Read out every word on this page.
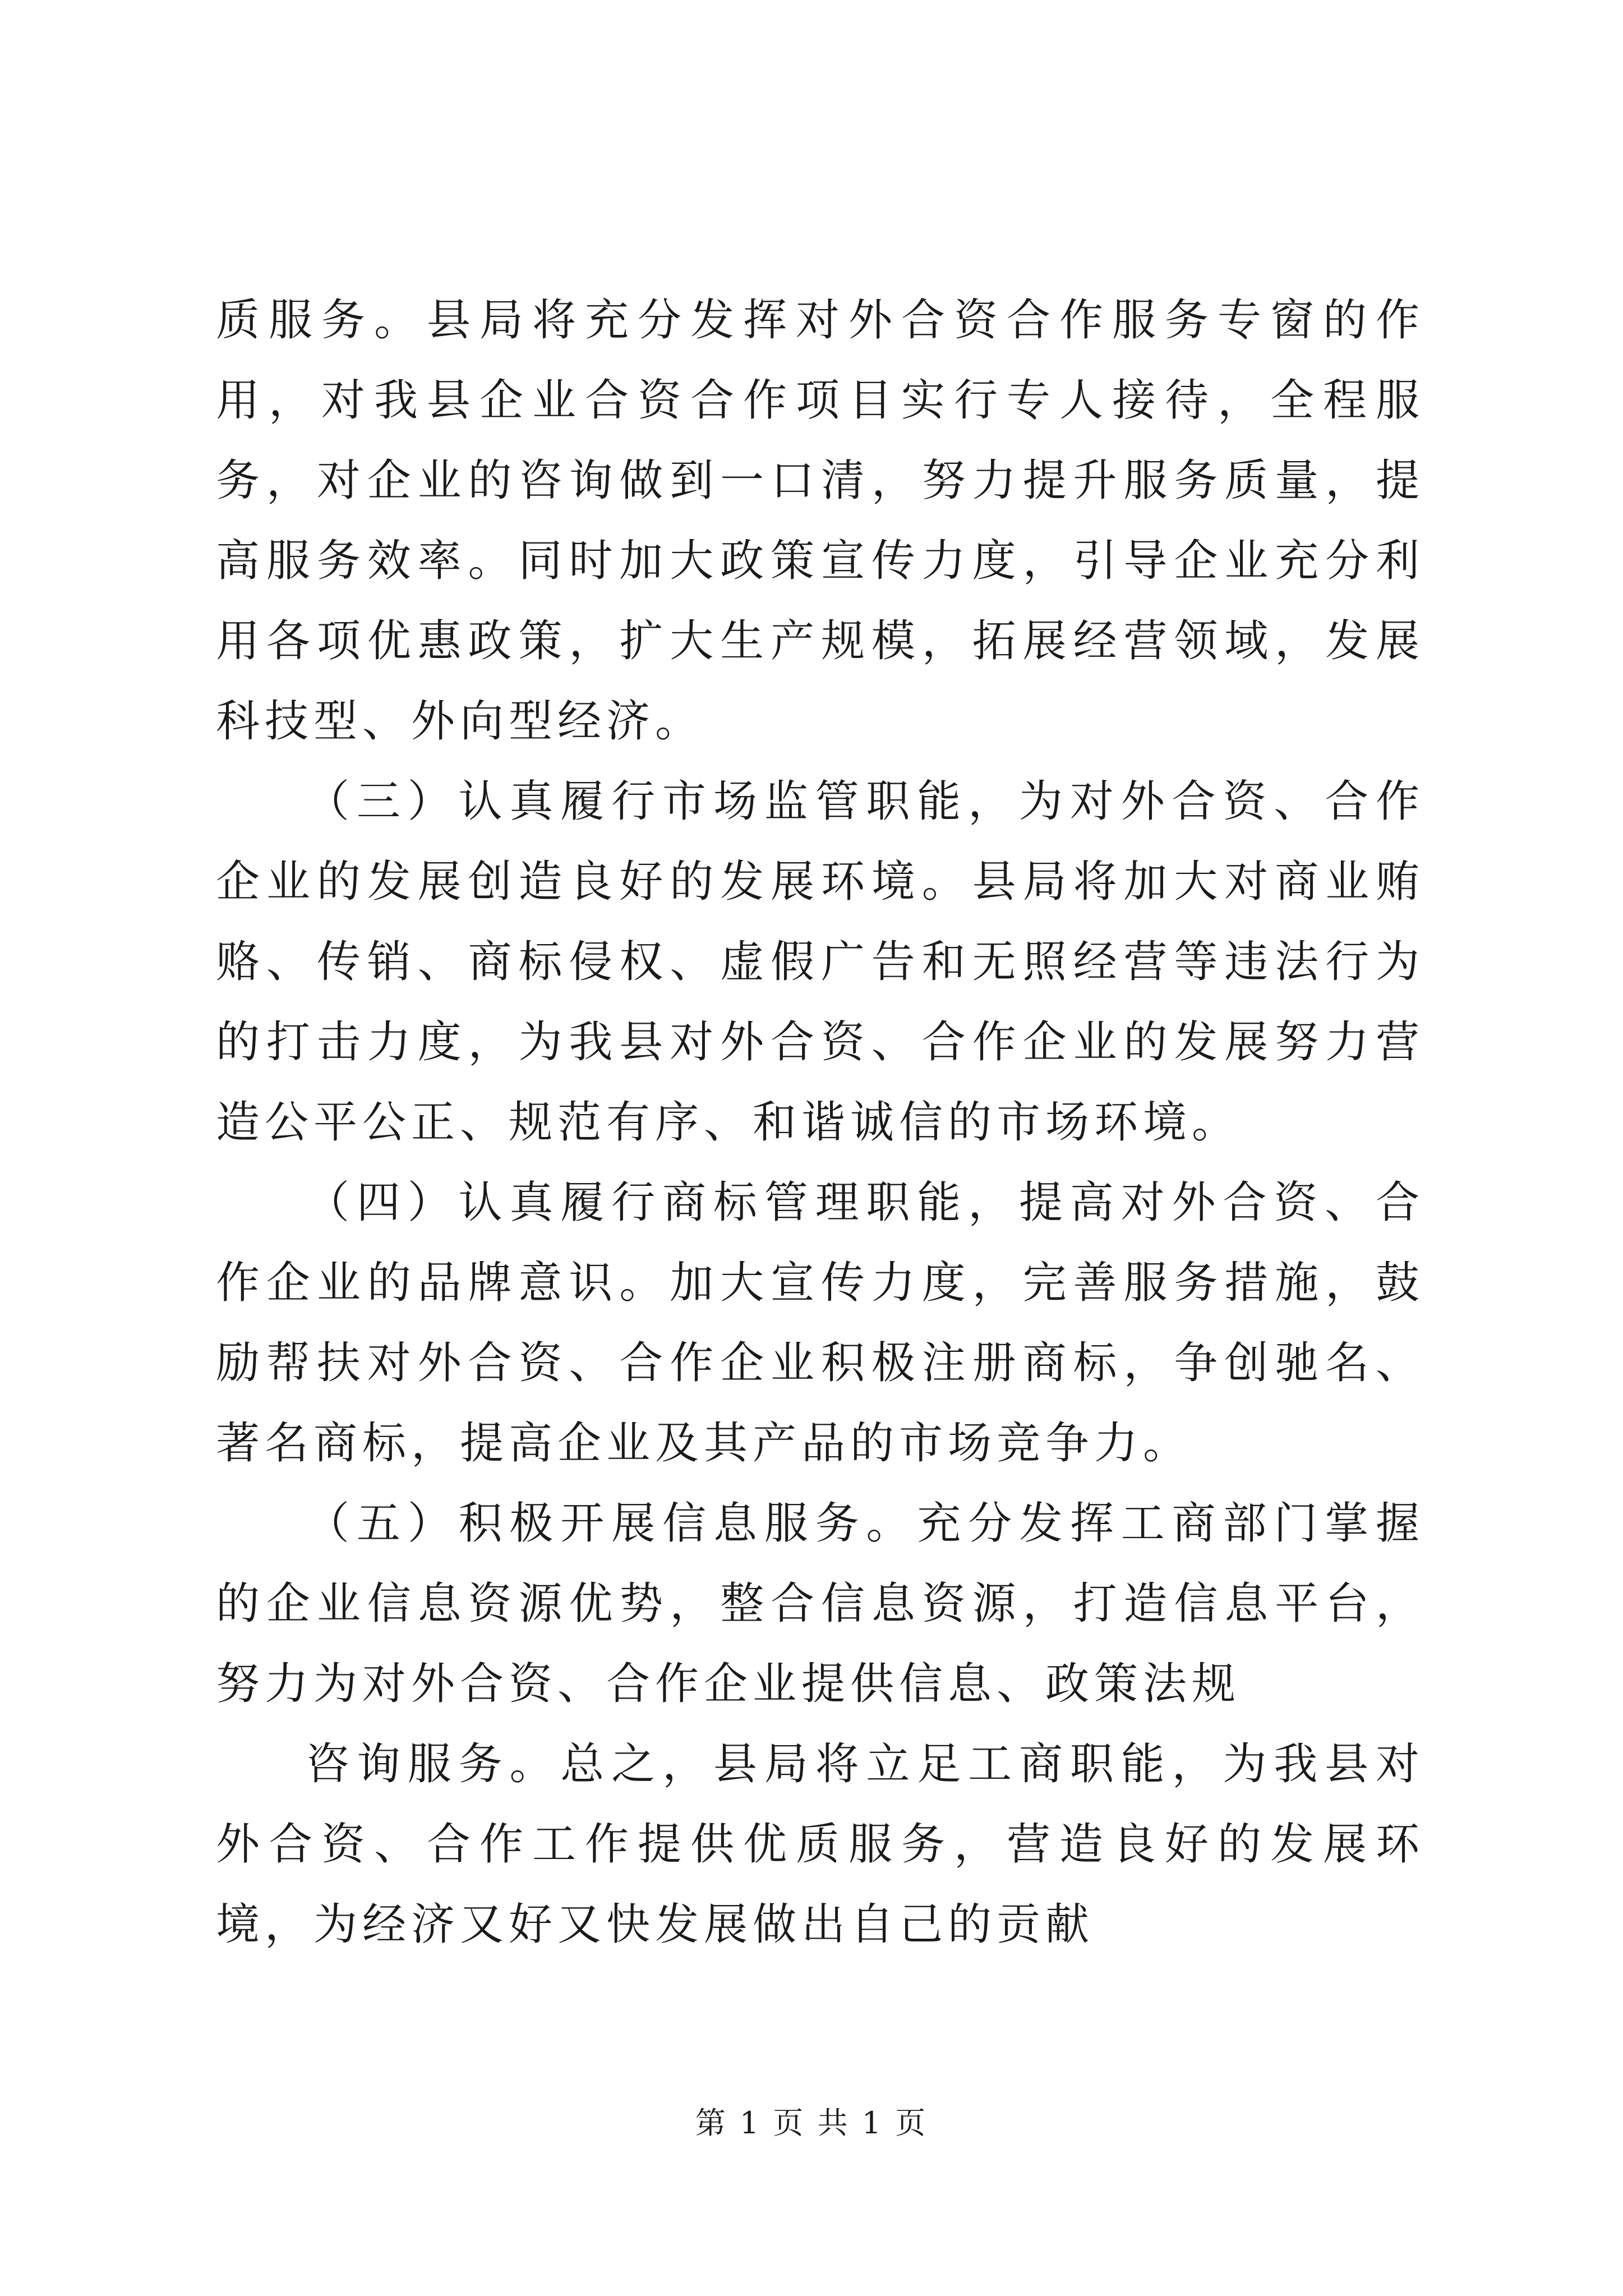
质服务。县局将充分发挥对外合资合作服务专窗的作用，对我县企业合资合作项目实行专人接待，全程服务，对企业的咨询做到一口清，努力提升服务质量，提高服务效率。同时加大政策宣传力度，引导企业充分利用各项优惠政策，扩大生产规模，拓展经营领域，发展科技型、外向型经济。

（三）认真履行市场监管职能，为对外合资、合作企业的发展创造良好的发展环境。县局将加大对商业贿赂、传销、商标侵权、虚假广告和无照经营等违法行为的打击力度，为我县对外合资、合作企业的发展努力营造公平公正、规范有序、和谐诚信的市场环境。

（四）认真履行商标管理职能，提高对外合资、合作企业的品牌意识。加大宣传力度，完善服务措施，鼓励帮扶对外合资、合作企业积极注册商标，争创驰名、著名商标，提高企业及其产品的市场竞争力。

（五）积极开展信息服务。充分发挥工商部门掌握的企业信息资源优势，整合信息资源，打造信息平台，努力为对外合资、合作企业提供信息、政策法规

咨询服务。总之，县局将立足工商职能，为我县对外合资、合作工作提供优质服务，营造良好的发展环境，为经济又好又快发展做出自己的贡献

第 1 页 共 1 页
